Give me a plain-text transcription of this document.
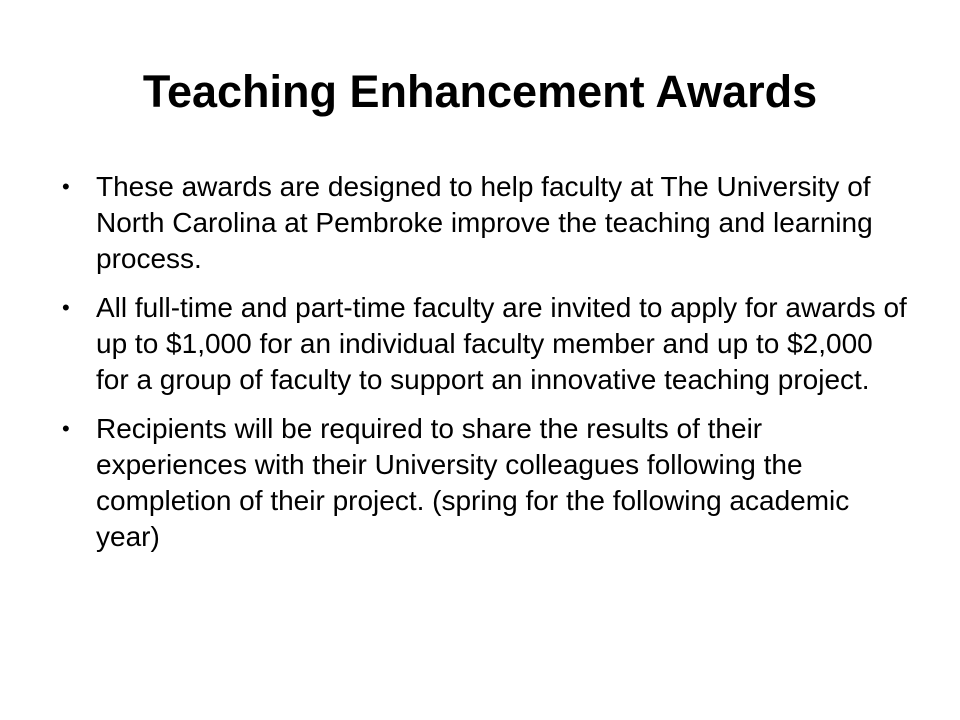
Teaching Enhancement Awards
• These awards are designed to help faculty at The University of North Carolina at Pembroke improve the teaching and learning process.
• All full-time and part-time faculty are invited to apply for awards of up to $1,000 for an individual faculty member and up to $2,000 for a group of faculty to support an innovative teaching project.
• Recipients will be required to share the results of their experiences with their University colleagues following the completion of their project. (spring for the following academic year)
